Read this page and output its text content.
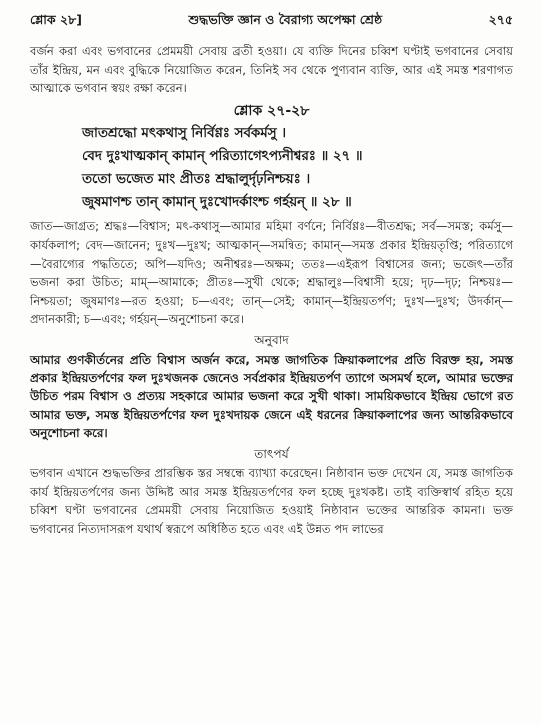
শ্লোক ২৮]	শুদ্ধভক্তি জ্ঞান ও বৈরাগ্য অপেক্ষা শ্রেষ্ঠ	২৭৫

বর্জন করা এবং ভগবানের প্রেমময়ী সেবায় ব্রতী হওয়া। যে ব্যক্তি দিনের চব্বিশ ঘণ্টাই ভগবানের সেবায় তাঁর ইন্দ্রিয়, মন এবং বুদ্ধিকে নিয়োজিত করেন, তিনিই সব থেকে পুণ্যবান ব্যক্তি, আর এই সমস্ত শরণাগত আত্মাকে ভগবান স্বয়ং রক্ষা করেন।

শ্লোক ২৭-২৮
জাতশ্রদ্ধো মৎকথাসু নির্বিণ্ণঃ সর্বকর্মসু ।
বেদ দুঃখাত্মকান্ কামান্ পরিত্যাগেঽপ্যনীশ্বরঃ ॥ ২৭ ॥
ততো ভজেত মাং প্রীতঃ শ্রদ্ধালুর্দৃঢ়নিশ্চয়ঃ ।
জুষমাণশ্চ তান্ কামান্ দুঃখোদর্কাংশ্চ গর্হয়ন্ ॥ ২৮ ॥

জাত—জাগ্রত; শ্রদ্ধঃ—বিশ্বাস; মৎ-কথাসু—আমার মহিমা বর্ণনে; নির্বিণ্ণঃ—বীতশ্রদ্ধ; সর্ব—সমস্ত; কর্মসু—কার্যকলাপ; বেদ—জানেন; দুঃখ—দুঃখ; আত্মকান্—সমন্বিত; কামান্—সমস্ত প্রকার ইন্দ্রিয়তৃপ্তি; পরিত্যাগে—বৈরাগ্যের পদ্ধতিতে; অপি—যদিও; অনীশ্বরঃ—অক্ষম; ততঃ—এইরূপ বিশ্বাসের জন্য; ভজেৎ—তাঁর ভজনা করা উচিত; মাম্—আমাকে; প্রীতঃ—সুখী থেকে; শ্রদ্ধালুঃ—বিশ্বাসী হয়ে; দৃঢ়—দৃঢ়; নিশ্চয়ঃ—নিশ্চয়তা; জুষমাণঃ—রত হওয়া; চ—এবং; তান্—সেই; কামান্—ইন্দ্রিয়তর্পণ; দুঃখ—দুঃখ; উদর্কান্—প্রদানকারী; চ—এবং; গর্হয়ন্—অনুশোচনা করে।

অনুবাদ

আমার গুণকীর্তনের প্রতি বিশ্বাস অর্জন করে, সমস্ত জাগতিক ক্রিয়াকলাপের প্রতি বিরক্ত হয়, সমস্ত প্রকার ইন্দ্রিয়তর্পণের ফল দুঃখজনক জেনেও সর্বপ্রকার ইন্দ্রিয়তর্পণ ত্যাগে অসমর্থ হলে, আমার ভক্তের উচিত পরম বিশ্বাস ও প্রত্যয় সহকারে আমার ভজনা করে সুখী থাকা। সাময়িকভাবে ইন্দ্রিয় ভোগে রত আমার ভক্ত, সমস্ত ইন্দ্রিয়তর্পণের ফল দুঃখদায়ক জেনে এই ধরনের ক্রিয়াকলাপের জন্য আন্তরিকভাবে অনুশোচনা করে।

তাৎপর্য

ভগবান এখানে শুদ্ধভক্তির প্রারম্ভিক স্তর সম্বন্ধে ব্যাখ্যা করেছেন। নিষ্ঠাবান ভক্ত দেখেন যে, সমস্ত জাগতিক কার্য ইন্দ্রিয়তর্পণের জন্য উদ্দিষ্ট আর সমস্ত ইন্দ্রিয়তর্পণের ফল হচ্ছে দুঃখকষ্ট। তাই ব্যক্তিস্বার্থ রহিত হয়ে চব্বিশ ঘণ্টা ভগবানের প্রেমময়ী সেবায় নিয়োজিত হওয়াই নিষ্ঠাবান ভক্তের আন্তরিক কামনা। ভক্ত ভগবানের নিত্যদাসরূপ যথার্থ স্বরূপে অধিষ্ঠিত হতে এবং এই উন্নত পদ লাভের
